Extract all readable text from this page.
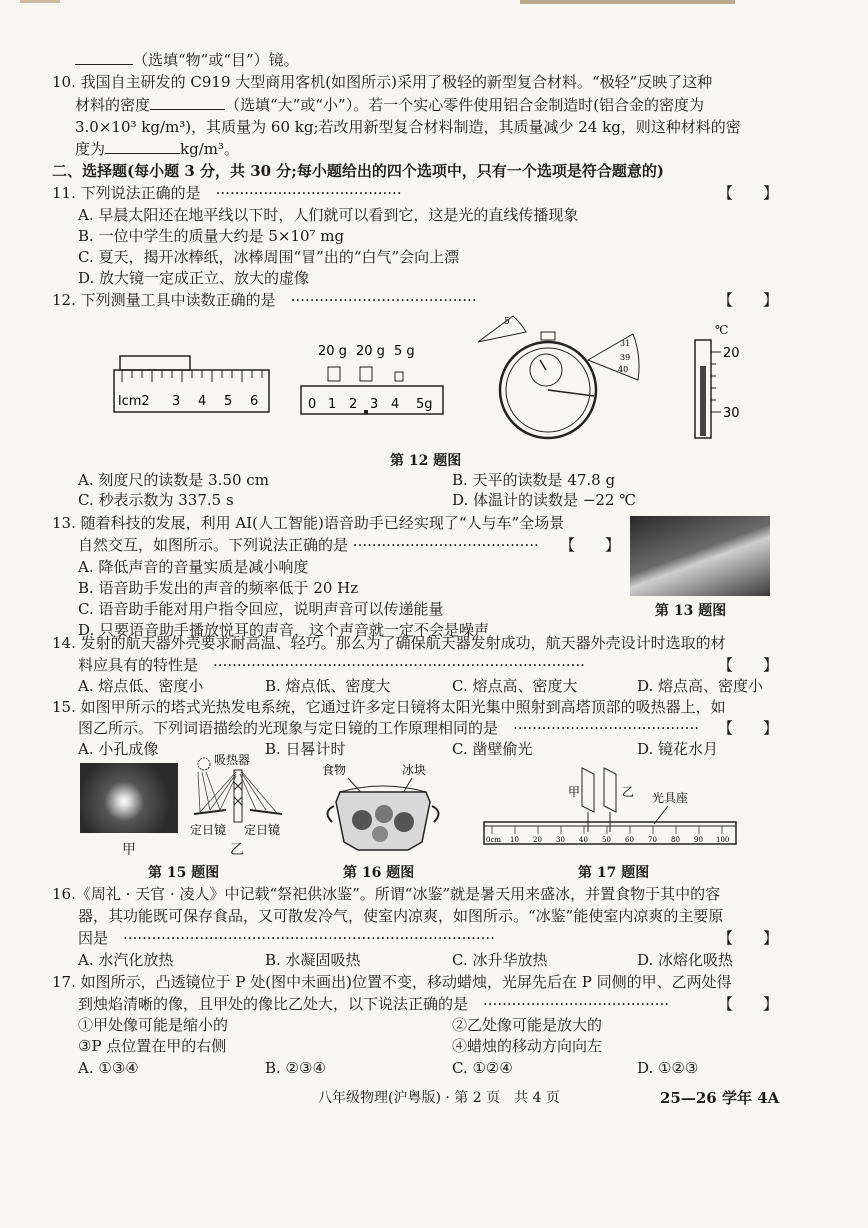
（选填“物”或“目”）镜。
10. 我国自主研发的 C919 大型商用客机(如图所示)采用了极轻的新型复合材料。“极轻”反映了这种
材料的密度	（选填“大”或“小”）。若一个实心零件使用铝合金制造时(铝合金的密度为
3.0×10³ kg/m³)，其质量为 60 kg;若改用新型复合材料制造，其质量减少 24 kg，则这种材料的密
度为	kg/m³。
二、选择题(每小题 3 分，共 30 分;每小题给出的四个选项中，只有一个选项是符合题意的)
11. 下列说法正确的是　 ·······································	【　　】
A. 早晨太阳还在地平线以下时，人们就可以看到它，这是光的直线传播现象
B. 一位中学生的质量大约是 5×10⁷ mg
C. 夏天，揭开冰棒纸，冰棒周围“冒”出的“白气”会向上漂
D. 放大镜一定成正立、放大的虚像
12. 下列测量工具中读数正确的是　 ·······································	【　　】
lcm2 3 4 5 6
20 g 20 g 5 g
0 1 2 3 4 5g
5
31
39
40
℃
20
30
第 12 题图
A. 刻度尺的读数是 3.50 cm	B. 天平的读数是 47.8 g
C. 秒表示数为 337.5 s	D. 体温计的读数是 −22 ℃
13. 随着科技的发展，利用 AI(人工智能)语音助手已经实现了“人与车”全场景
自然交互，如图所示。下列说法正确的是 ······································· 【　　】
A. 降低声音的音量实质是减小响度
B. 语音助手发出的声音的频率低于 20 Hz
C. 语音助手能对用户指令回应，说明声音可以传递能量
D. 只要语音助手播放悦耳的声音，这个声音就一定不会是噪声
第 13 题图
14. 发射的航天器外壳要求耐高温、轻巧。那么为了确保航天器发射成功，航天器外壳设计时选取的材
料应具有的特性是　 ··············································································	【　　】
A. 熔点低、密度小	B. 熔点低、密度大	C. 熔点高、密度大	D. 熔点高、密度小
15. 如图甲所示的塔式光热发电系统，它通过许多定日镜将太阳光集中照射到高塔顶部的吸热器上，如
图乙所示。下列词语描绘的光现象与定日镜的工作原理相同的是　 ······································· 【　　】
A. 小孔成像	B. 日晷计时	C. 凿壁偷光	D. 镜花水月
甲
吸热器
定日镜 定日镜
乙
第 15 题图
食物	冰块
第 16 题图
甲	乙 光具座
0cm 10 20 30 40 50 60 70 80 90 100
第 17 题图
16.《周礼 · 天官 · 凌人》中记载“祭祀供冰鉴”。所谓“冰鉴”就是暑天用来盛冰，并置食物于其中的容
器，其功能既可保存食品，又可散发冷气，使室内凉爽，如图所示。“冰鉴”能使室内凉爽的主要原
因是　 ··············································································	【　　】
A. 水汽化放热	B. 水凝固吸热	C. 冰升华放热	D. 冰熔化吸热
17. 如图所示，凸透镜位于 P 处(图中未画出)位置不变，移动蜡烛，光屏先后在 P 同侧的甲、乙两处得
到烛焰清晰的像，且甲处的像比乙处大，以下说法正确的是　 ·······································	【　　】
①甲处像可能是缩小的	②乙处像可能是放大的
③P 点位置在甲的右侧	④蜡烛的移动方向向左
A. ①③④	B. ②③④	C. ①②④	D. ①②③
八年级物理(沪粤版) · 第 2 页　共 4 页	25—26 学年 4A
